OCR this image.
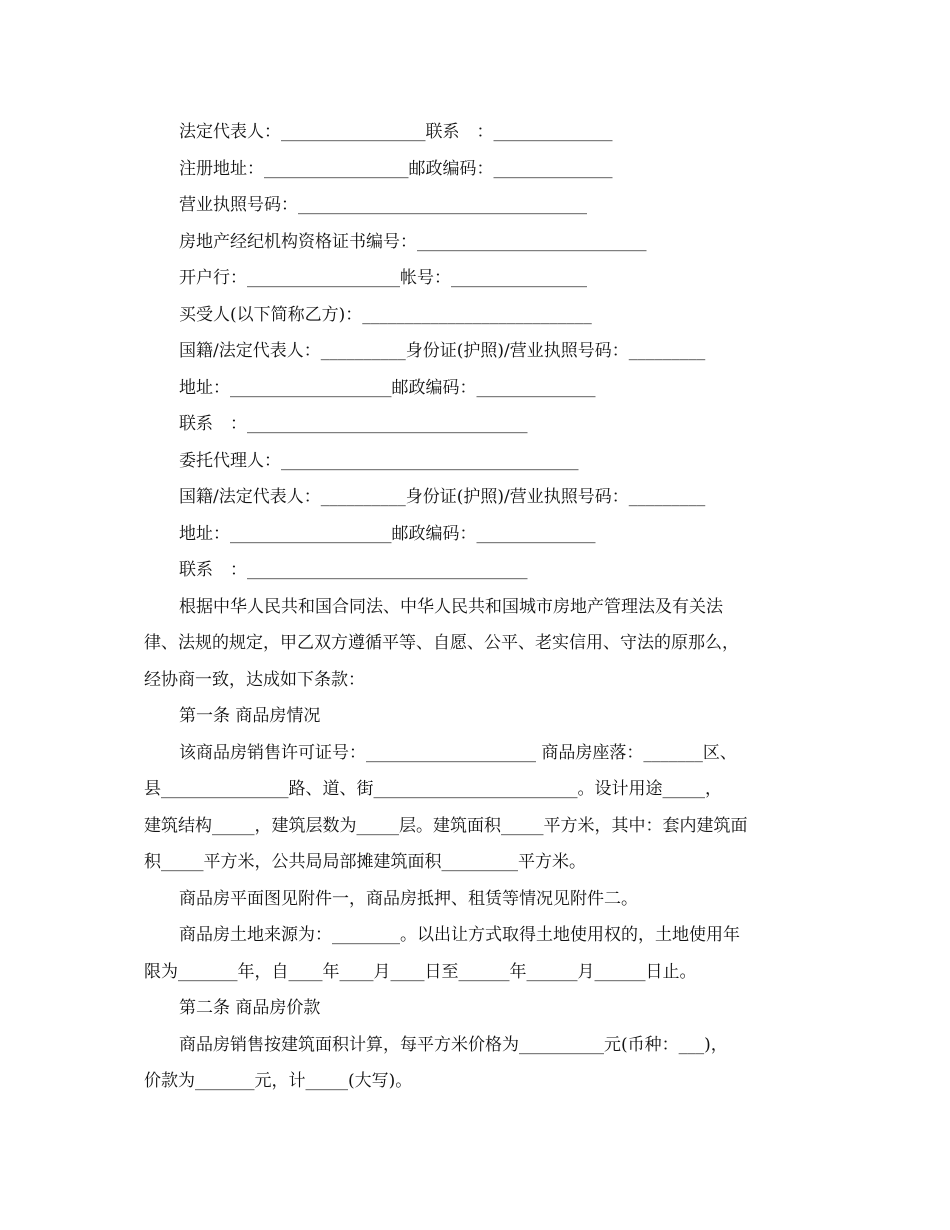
法定代表人：_________________联系　：______________
注册地址：_________________邮政编码：______________
营业执照号码：__________________________________
房地产经纪机构资格证书编号：___________________________
开户行：__________________帐号：________________
买受人(以下简称乙方)：___________________________
国籍/法定代表人：__________身份证(护照)/营业执照号码：_________
地址：___________________邮政编码：______________
联系　：_________________________________
委托代理人：___________________________________
国籍/法定代表人：__________身份证(护照)/营业执照号码：_________
地址：___________________邮政编码：______________
联系　：_________________________________
根据中华人民共和国合同法、中华人民共和国城市房地产管理法及有关法
律、法规的规定，甲乙双方遵循平等、自愿、公平、老实信用、守法的原那么，
经协商一致，达成如下条款：
第一条 商品房情况
该商品房销售许可证号：____________________ 商品房座落：_______区、
县_______________路、道、街________________________。设计用途_____，
建筑结构_____，建筑层数为_____层。建筑面积_____平方米，其中：套内建筑面
积_____平方米，公共局局部摊建筑面积_________平方米。
商品房平面图见附件一，商品房抵押、租赁等情况见附件二。
商品房土地来源为：________。以出让方式取得土地使用权的，土地使用年
限为_______年，自____年____月____日至______年______月______日止。
第二条 商品房价款
商品房销售按建筑面积计算，每平方米价格为__________元(币种：___)，
价款为_______元，计_____(大写)。
